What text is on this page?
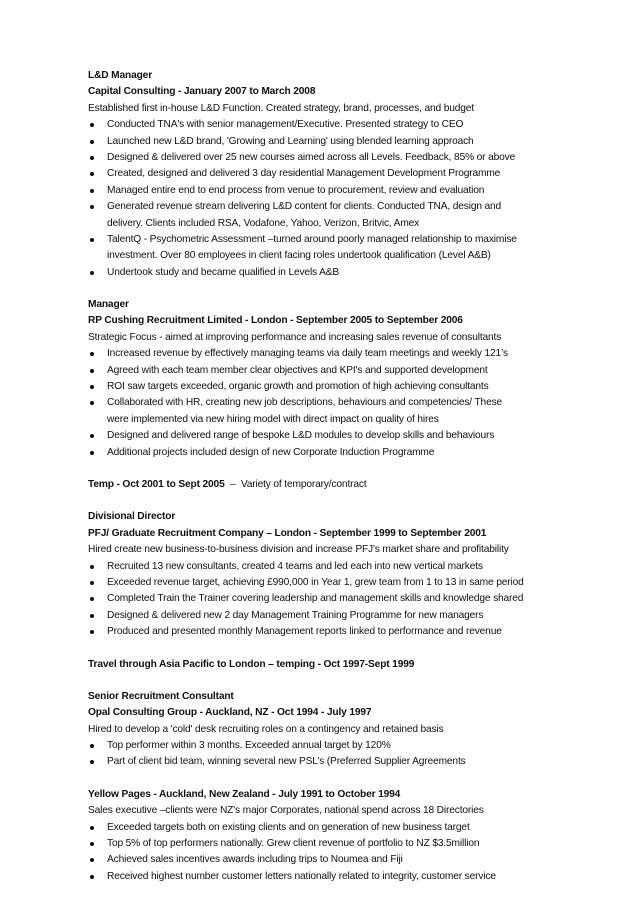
L&D Manager
Capital Consulting - January 2007 to March 2008
Established first in-house L&D Function. Created strategy, brand, processes, and budget
Conducted TNA's with senior management/Executive. Presented strategy to CEO
Launched new L&D brand, 'Growing and Learning' using blended learning approach
Designed & delivered over 25 new courses aimed across all Levels. Feedback, 85% or above
Created, designed and delivered 3 day residential Management Development Programme
Managed entire end to end process from venue to procurement, review and evaluation
Generated revenue stream delivering L&D content for clients. Conducted TNA, design and
delivery. Clients included RSA, Vodafone, Yahoo, Verizon, Britvic, Amex
TalentQ - Psychometric Assessment –turned around poorly managed relationship to maximise
investment. Over 80 employees in client facing roles undertook qualification (Level A&B)
Undertook study and became qualified in Levels A&B
Manager
RP Cushing Recruitment Limited - London - September 2005 to September 2006
Strategic Focus - aimed at improving performance and increasing sales revenue of consultants
Increased revenue by effectively managing teams via daily team meetings and weekly 121’s
Agreed with each team member clear objectives and KPI's and supported development
ROI saw targets exceeded, organic growth and promotion of high achieving consultants
Collaborated with HR, creating new job descriptions, behaviours and competencies/ These
were implemented via new hiring model with direct impact on quality of hires
Designed and delivered range of bespoke L&D modules to develop skills and behaviours
Additional projects included design of new Corporate Induction Programme
Temp - Oct 2001 to Sept 2005  –  Variety of temporary/contract
Divisional Director
PFJ/ Graduate Recruitment Company – London - September 1999 to September 2001
Hired create new business-to-business division and increase PFJ's market share and profitability
Recruited 13 new consultants, created 4 teams and led each into new vertical markets
Exceeded revenue target, achieving £990,000 in Year 1, grew team from 1 to 13 in same period
Completed Train the Trainer covering leadership and management skills and knowledge shared
Designed & delivered new 2 day Management Training Programme for new managers
Produced and presented monthly Management reports linked to performance and revenue
Travel through Asia Pacific to London – temping - Oct 1997-Sept 1999
Senior Recruitment Consultant
Opal Consulting Group - Auckland, NZ - Oct 1994 - July 1997
Hired to develop a 'cold' desk recruiting roles on a contingency and retained basis
Top performer within 3 months. Exceeded annual target by 120%
Part of client bid team, winning several new PSL’s (Preferred Supplier Agreements
Yellow Pages - Auckland, New Zealand - July 1991 to October 1994
Sales executive –clients were NZ's major Corporates, national spend across 18 Directories
Exceeded targets both on existing clients and on generation of new business target
Top 5% of top performers nationally. Grew client revenue of portfolio to NZ $3.5million
Achieved sales incentives awards including trips to Noumea and Fiji
Received highest number customer letters nationally related to integrity, customer service
